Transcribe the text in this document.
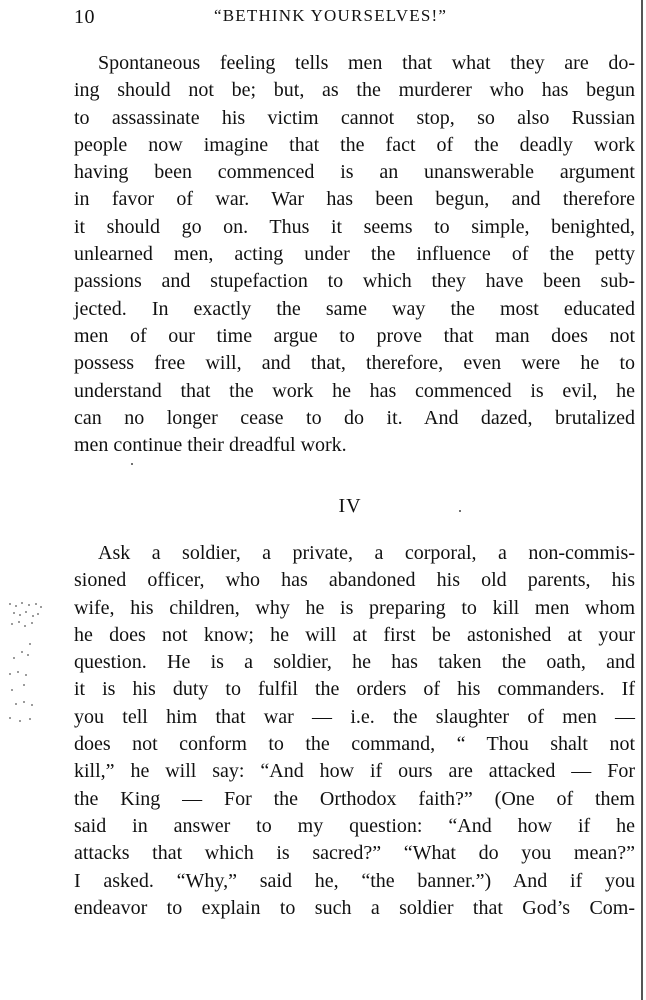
10	“BETHINK YOURSELVES!”
Spontaneous feeling tells men that what they are do-
ing should not be; but, as the murderer who has begun
to assassinate his victim cannot stop, so also Russian
people now imagine that the fact of the deadly work
having been commenced is an unanswerable argument
in favor of war. War has been begun, and therefore
it should go on. Thus it seems to simple, benighted,
unlearned men, acting under the influence of the petty
passions and stupefaction to which they have been sub-
jected. In exactly the same way the most educated
men of our time argue to prove that man does not
possess free will, and that, therefore, even were he to
understand that the work he has commenced is evil, he
can no longer cease to do it. And dazed, brutalized
men continue their dreadful work.
IV
Ask a soldier, a private, a corporal, a non-commis-
sioned officer, who has abandoned his old parents, his
wife, his children, why he is preparing to kill men whom
he does not know; he will at first be astonished at your
question. He is a soldier, he has taken the oath, and
it is his duty to fulfil the orders of his commanders. If
you tell him that war — i.e. the slaughter of men —
does not conform to the command, “ Thou shalt not
kill,” he will say: “And how if ours are attacked — For
the King — For the Orthodox faith?” (One of them
said in answer to my question: “And how if he
attacks that which is sacred?” “What do you mean?”
I asked. “Why,” said he, “the banner.”) And if you
endeavor to explain to such a soldier that God’s Com-
